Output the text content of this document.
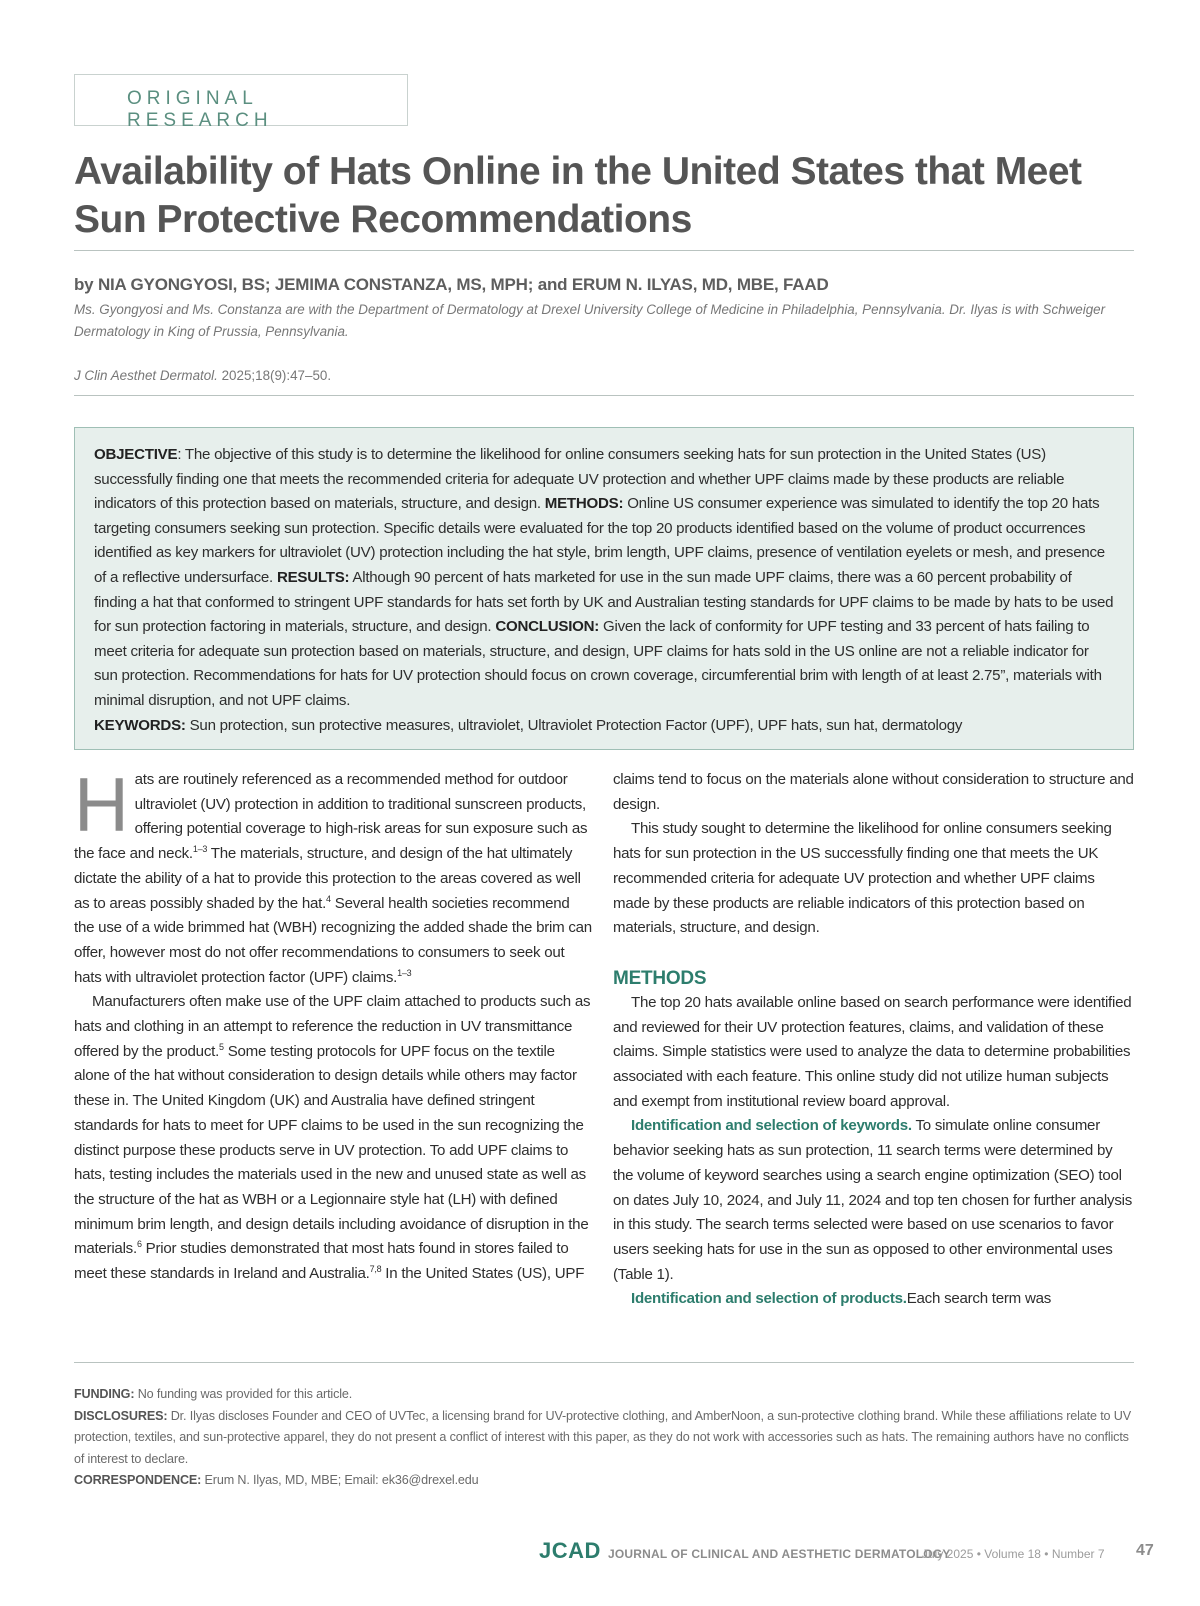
ORIGINAL RESEARCH
Availability of Hats Online in the United States that Meet Sun Protective Recommendations
by NIA GYONGYOSI, BS; JEMIMA CONSTANZA, MS, MPH; and ERUM N. ILYAS, MD, MBE, FAAD
Ms. Gyongyosi and Ms. Constanza are with the Department of Dermatology at Drexel University College of Medicine in Philadelphia, Pennsylvania. Dr. Ilyas is with Schweiger Dermatology in King of Prussia, Pennsylvania.
J Clin Aesthet Dermatol. 2025;18(9):47–50.
OBJECTIVE: The objective of this study is to determine the likelihood for online consumers seeking hats for sun protection in the United States (US) successfully finding one that meets the recommended criteria for adequate UV protection and whether UPF claims made by these products are reliable indicators of this protection based on materials, structure, and design. METHODS: Online US consumer experience was simulated to identify the top 20 hats targeting consumers seeking sun protection. Specific details were evaluated for the top 20 products identified based on the volume of product occurrences identified as key markers for ultraviolet (UV) protection including the hat style, brim length, UPF claims, presence of ventilation eyelets or mesh, and presence of a reflective undersurface. RESULTS: Although 90 percent of hats marketed for use in the sun made UPF claims, there was a 60 percent probability of finding a hat that conformed to stringent UPF standards for hats set forth by UK and Australian testing standards for UPF claims to be made by hats to be used for sun protection factoring in materials, structure, and design. CONCLUSION: Given the lack of conformity for UPF testing and 33 percent of hats failing to meet criteria for adequate sun protection based on materials, structure, and design, UPF claims for hats sold in the US online are not a reliable indicator for sun protection. Recommendations for hats for UV protection should focus on crown coverage, circumferential brim with length of at least 2.75”, materials with minimal disruption, and not UPF claims.
KEYWORDS: Sun protection, sun protective measures, ultraviolet, Ultraviolet Protection Factor (UPF), UPF hats, sun hat, dermatology

Hats are routinely referenced as a recommended method for outdoor ultraviolet (UV) protection in addition to traditional sunscreen products, offering potential coverage to high-risk areas for sun exposure such as the face and neck.$^{1-3}$ The materials, structure, and design of the hat ultimately dictate the ability of a hat to provide this protection to the areas covered as well as to areas possibly shaded by the hat.$^4$ Several health societies recommend the use of a wide brimmed hat (WBH) recognizing the added shade the brim can offer, however most do not offer recommendations to consumers to seek out hats with ultraviolet protection factor (UPF) claims.$^{1-3}$

Manufacturers often make use of the UPF claim attached to products such as hats and clothing in an attempt to reference the reduction in UV transmittance offered by the product.$^5$ Some testing protocols for UPF focus on the textile alone of the hat without consideration to design details while others may factor these in. The United Kingdom (UK) and Australia have defined stringent standards for hats to meet for UPF claims to be used in the sun recognizing the distinct purpose these products serve in UV protection. To add UPF claims to hats, testing includes the materials used in the new and unused state as well as the structure of the hat as WBH or a Legionnaire style hat (LH) with defined minimum brim length, and design details including avoidance of disruption in the materials.$^6$ Prior studies demonstrated that most hats found in stores failed to meet these standards in Ireland and Australia.$^{7,8}$ In the United States (US), UPF

claims tend to focus on the materials alone without consideration to structure and design.

This study sought to determine the likelihood for online consumers seeking hats for sun protection in the US successfully finding one that meets the UK recommended criteria for adequate UV protection and whether UPF claims made by these products are reliable indicators of this protection based on materials, structure, and design.

METHODS

The top 20 hats available online based on search performance were identified and reviewed for their UV protection features, claims, and validation of these claims. Simple statistics were used to analyze the data to determine probabilities associated with each feature. This online study did not utilize human subjects and exempt from institutional review board approval.

Identification and selection of keywords. To simulate online consumer behavior seeking hats as sun protection, 11 search terms were determined by the volume of keyword searches using a search engine optimization (SEO) tool on dates July 10, 2024, and July 11, 2024 and top ten chosen for further analysis in this study. The search terms selected were based on use scenarios to favor users seeking hats for use in the sun as opposed to other environmental uses (Table 1).

Identification and selection of products.Each search term was

FUNDING: No funding was provided for this article.

DISCLOSURES: Dr. Ilyas discloses Founder and CEO of UVTec, a licensing brand for UV-protective clothing, and AmberNoon, a sun-protective clothing brand. While these affiliations relate to UV protection, textiles, and sun-protective apparel, they do not present a conflict of interest with this paper, as they do not work with accessories such as hats. The remaining authors have no conflicts of interest to declare.

CORRESPONDENCE: Erum N. Ilyas, MD, MBE; Email: ek36@drexel.edu

JCAD JOURNAL OF CLINICAL AND AESTHETIC DERMATOLOGY
July 2025 • Volume 18 • Number 7 47
